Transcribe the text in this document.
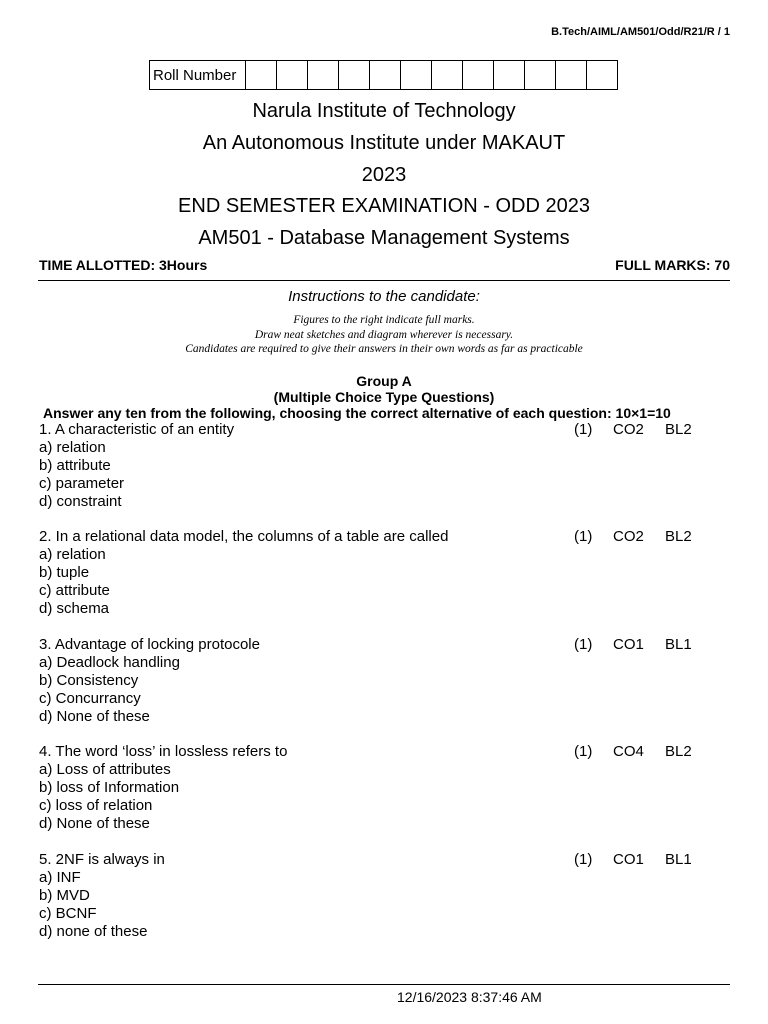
B.Tech/AIML/AM501/Odd/R21/R / 1
Roll Number												
Narula Institute of Technology
An Autonomous Institute under MAKAUT
2023
END SEMESTER EXAMINATION - ODD 2023
AM501 - Database Management Systems
TIME ALLOTTED: 3Hours	FULL MARKS: 70
Instructions to the candidate:
Figures to the right indicate full marks.
Draw neat sketches and diagram wherever is necessary.
Candidates are required to give their answers in their own words as far as practicable
Group A
(Multiple Choice Type Questions)
Answer any ten from the following, choosing the correct alternative of each question: 10×1=10
1. A characteristic of an entity	(1) CO2 BL2
a) relation
b) attribute
c) parameter
d) constraint
2. In a relational data model, the columns of a table are called	(1) CO2 BL2
a) relation
b) tuple
c) attribute
d) schema
3. Advantage of locking protocole	(1) CO1 BL1
a) Deadlock handling
b) Consistency
c) Concurrancy
d) None of these
4. The word ‘loss’ in lossless refers to	(1) CO4 BL2
a) Loss of attributes
b) loss of Information
c) loss of relation
d) None of these
5. 2NF is always in	(1) CO1 BL1
a) INF
b) MVD
c) BCNF
d) none of these
12/16/2023 8:37:46 AM
